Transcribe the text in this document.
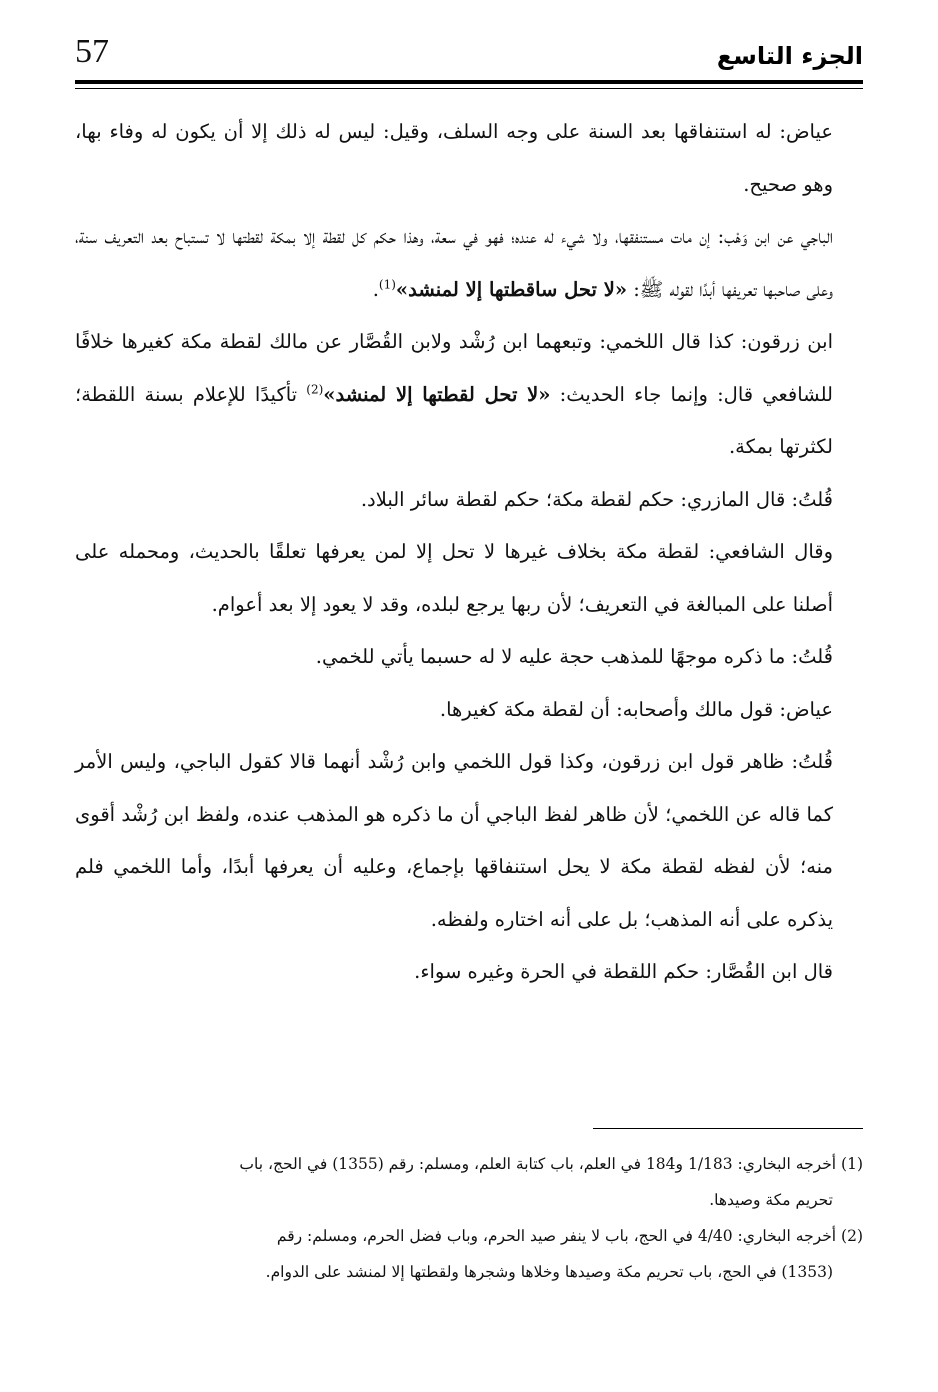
57	الجزء التاسع

عياض: له استنفاقها بعد السنة على وجه السلف، وقيل: ليس له ذلك إلا أن يكون له وفاء بها، وهو صحيح.

الباجي عن ابن وَهْب: إن مات مستنفقها، ولا شيء له عنده؛ فهو في سعة، وهذا حكم كل لقطة إلا بمكة لقطتها لا تستباح بعد التعريف سنة، وعلى صاحبها تعريفها أبدًا لقوله ﷺ: «لا تحل ساقطتها إلا لمنشد»$^{(1)}$.

ابن زرقون: كذا قال اللخمي: وتبعهما ابن رُشْد ولابن القُصَّار عن مالك لقطة مكة كغيرها خلافًا للشافعي قال: وإنما جاء الحديث: «لا تحل لقطتها إلا لمنشد»$^{(2)}$ تأكيدًا للإعلام بسنة اللقطة؛ لكثرتها بمكة.

قُلتُ: قال المازري: حكم لقطة مكة؛ حكم لقطة سائر البلاد.

وقال الشافعي: لقطة مكة بخلاف غيرها لا تحل إلا لمن يعرفها تعلقًا بالحديث، ومحمله على أصلنا على المبالغة في التعريف؛ لأن ربها يرجع لبلده، وقد لا يعود إلا بعد أعوام.

قُلتُ: ما ذكره موجهًا للمذهب حجة عليه لا له حسبما يأتي للخمي.

عياض: قول مالك وأصحابه: أن لقطة مكة كغيرها.

قُلتُ: ظاهر قول ابن زرقون، وكذا قول اللخمي وابن رُشْد أنهما قالا كقول الباجي، وليس الأمر كما قاله عن اللخمي؛ لأن ظاهر لفظ الباجي أن ما ذكره هو المذهب عنده، ولفظ ابن رُشْد أقوى منه؛ لأن لفظه لقطة مكة لا يحل استنفاقها بإجماع، وعليه أن يعرفها أبدًا، وأما اللخمي فلم يذكره على أنه المذهب؛ بل على أنه اختاره ولفظه.

قال ابن القُصَّار: حكم اللقطة في الحرة وغيره سواء.

(1) أخرجه البخاري: 1/183 و184 في العلم، باب كتابة العلم، ومسلم: رقم (1355) في الحج، باب

تحريم مكة وصيدها.

(2) أخرجه البخاري: 4/40 في الحج، باب لا ينفر صيد الحرم، وباب فضل الحرم، ومسلم: رقم

(1353) في الحج، باب تحريم مكة وصيدها وخلاها وشجرها ولقطتها إلا لمنشد على الدوام.
